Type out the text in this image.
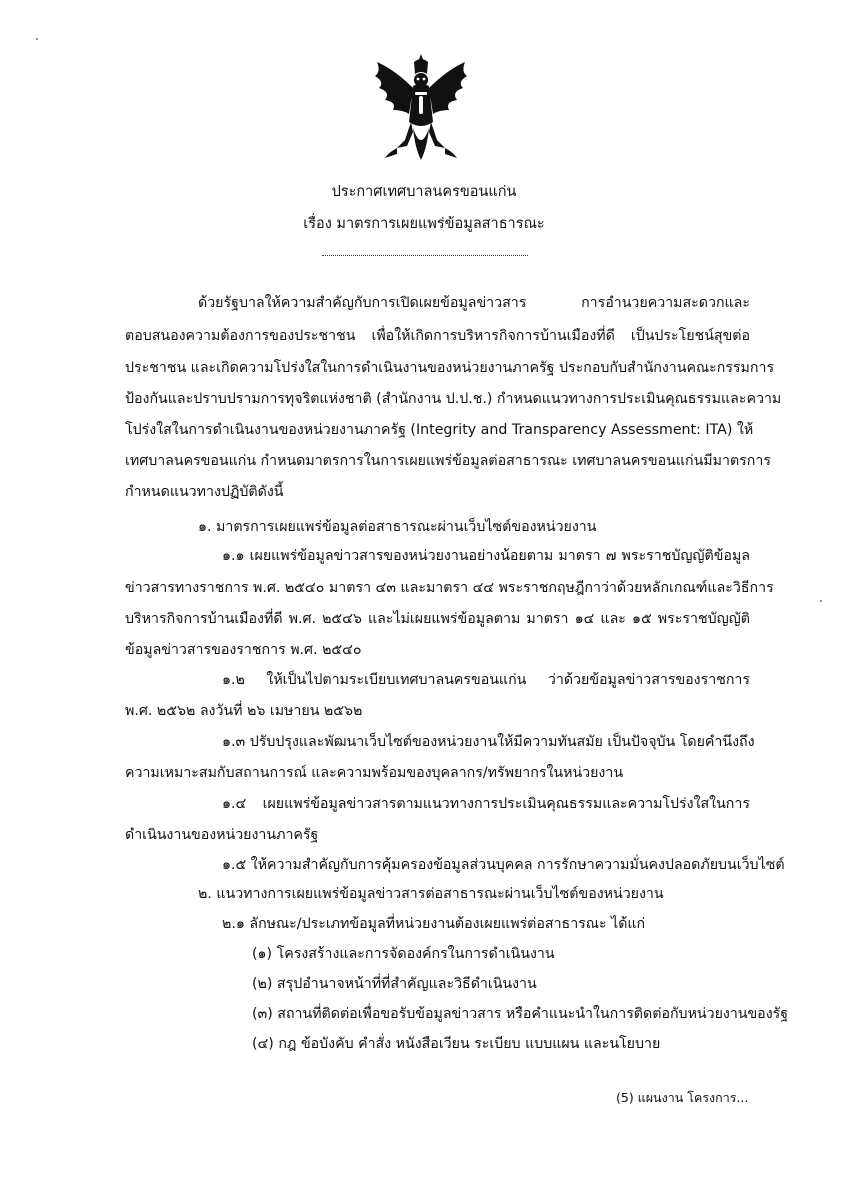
ประกาศเทศบาลนครขอนแก่น
เรื่อง มาตรการเผยแพร่ข้อมูลสาธารณะ
ด้วยรัฐบาลให้ความสำคัญกับการเปิดเผยข้อมูลข่าวสาร การอำนวยความสะดวกและ
ตอบสนองความต้องการของประชาชน เพื่อให้เกิดการบริหารกิจการบ้านเมืองที่ดี เป็นประโยชน์สุขต่อ
ประชาชน และเกิดความโปร่งใสในการดำเนินงานของหน่วยงานภาครัฐ ประกอบกับสำนักงานคณะกรรมการ
ป้องกันและปราบปรามการทุจริตแห่งชาติ (สำนักงาน ป.ป.ช.) กำหนดแนวทางการประเมินคุณธรรมและความ
โปร่งใสในการดำเนินงานของหน่วยงานภาครัฐ (Integrity and Transparency Assessment: ITA) ให้
เทศบาลนครขอนแก่น กำหนดมาตรการในการเผยแพร่ข้อมูลต่อสาธารณะ เทศบาลนครขอนแก่นมีมาตรการ
กำหนดแนวทางปฏิบัติดังนี้
๑. มาตรการเผยแพร่ข้อมูลต่อสาธารณะผ่านเว็บไซต์ของหน่วยงาน
๑.๑ เผยแพร่ข้อมูลข่าวสารของหน่วยงานอย่างน้อยตาม มาตรา ๗ พระราชบัญญัติข้อมูล
ข่าวสารทางราชการ พ.ศ. ๒๕๔๐ มาตรา ๔๓ และมาตรา ๔๔ พระราชกฤษฎีกาว่าด้วยหลักเกณฑ์และวิธีการ
บริหารกิจการบ้านเมืองที่ดี พ.ศ. ๒๕๔๖ และไม่เผยแพร่ข้อมูลตาม มาตรา ๑๔ และ ๑๕ พระราชบัญญัติ
ข้อมูลข่าวสารของราชการ พ.ศ. ๒๕๔๐
๑.๒ ให้เป็นไปตามระเบียบเทศบาลนครขอนแก่น ว่าด้วยข้อมูลข่าวสารของราชการ
พ.ศ. ๒๕๖๒ ลงวันที่ ๒๖ เมษายน ๒๕๖๒
๑.๓ ปรับปรุงและพัฒนาเว็บไซต์ของหน่วยงานให้มีความทันสมัย เป็นปัจจุบัน โดยคำนึงถึง
ความเหมาะสมกับสถานการณ์ และความพร้อมของบุคลากร/ทรัพยากรในหน่วยงาน
๑.๔ เผยแพร่ข้อมูลข่าวสารตามแนวทางการประเมินคุณธรรมและความโปร่งใสในการ
ดำเนินงานของหน่วยงานภาครัฐ
๑.๕ ให้ความสำคัญกับการคุ้มครองข้อมูลส่วนบุคคล การรักษาความมั่นคงปลอดภัยบนเว็บไซต์
๒. แนวทางการเผยแพร่ข้อมูลข่าวสารต่อสาธารณะผ่านเว็บไซต์ของหน่วยงาน
๒.๑ ลักษณะ/ประเภทข้อมูลที่หน่วยงานต้องเผยแพร่ต่อสาธารณะ ได้แก่
(๑) โครงสร้างและการจัดองค์กรในการดำเนินงาน
(๒) สรุปอำนาจหน้าที่ที่สำคัญและวิธีดำเนินงาน
(๓) สถานที่ติดต่อเพื่อขอรับข้อมูลข่าวสาร หรือคำแนะนำในการติดต่อกับหน่วยงานของรัฐ
(๔) กฎ ข้อบังคับ คำสั่ง หนังสือเวียน ระเบียบ แบบแผน และนโยบาย
(5) แผนงาน โครงการ...
